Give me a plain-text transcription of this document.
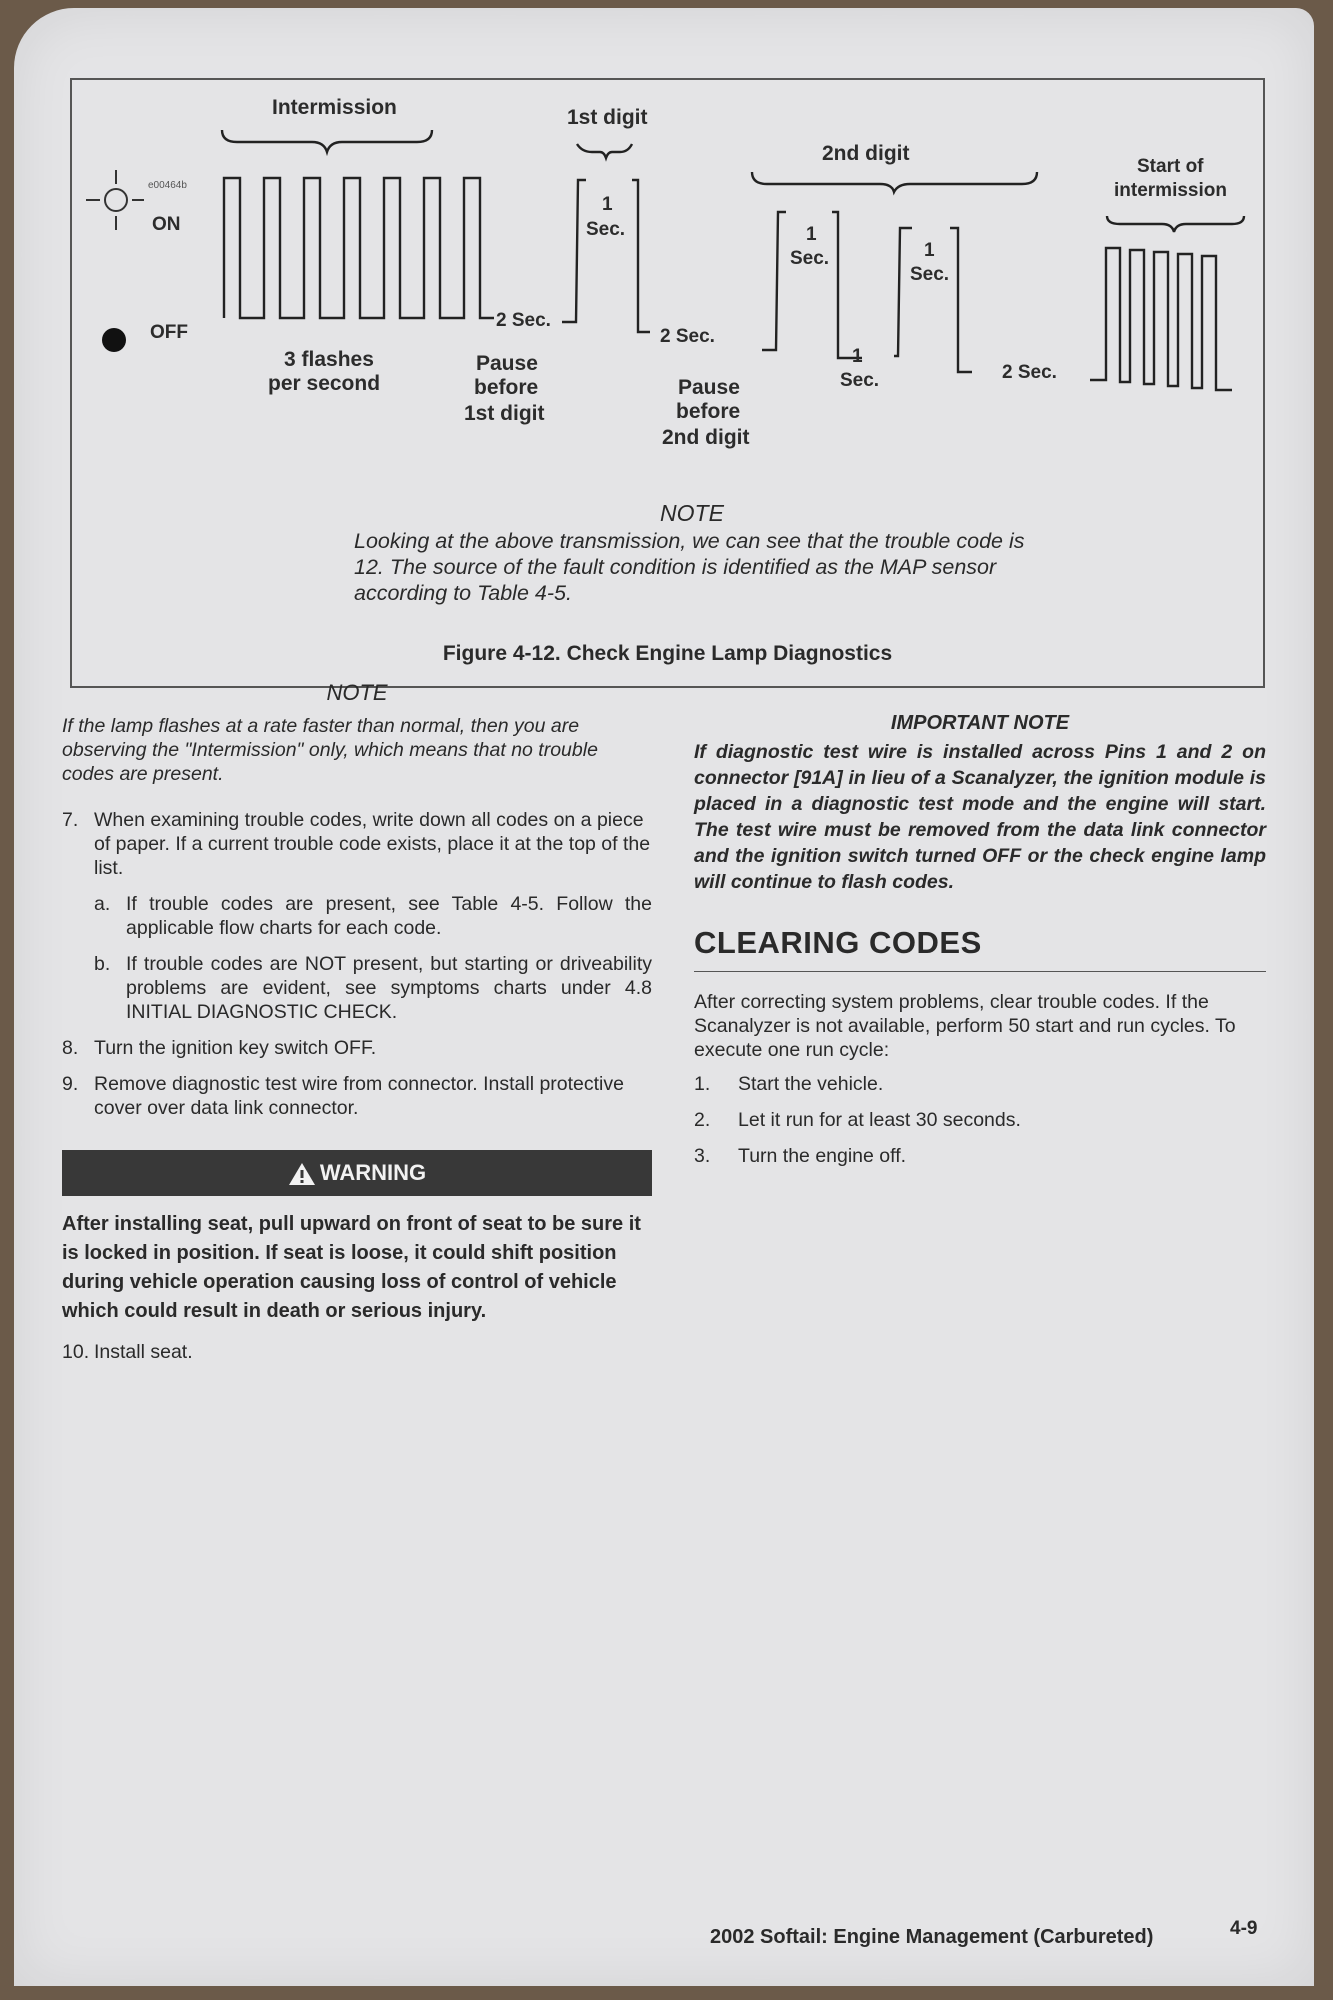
e00464b
ON
OFF
Intermission	1st digit
2nd digit
Start of
intermission
2 Sec.
1
Sec.
2 Sec.
1
Sec.
1
Sec.
1
Sec.
2 Sec.
3 flashes
per second
Pause
before
1st digit
Pause
before
2nd digit
NOTE
Looking at the above transmission, we can see that the trouble code is 12. The source of the fault condition is identified as the MAP sensor according to Table 4-5.
Figure 4-12. Check Engine Lamp Diagnostics
NOTE
If the lamp flashes at a rate faster than normal, then you are observing the "Intermission" only, which means that no trouble codes are present.
7. When examining trouble codes, write down all codes on a piece of paper. If a current trouble code exists, place it at the top of the list.
a. If trouble codes are present, see Table 4-5. Follow the applicable flow charts for each code.
b. If trouble codes are NOT present, but starting or driveability problems are evident, see symptoms charts under 4.8 INITIAL DIAGNOSTIC CHECK.
8. Turn the ignition key switch OFF.
9. Remove diagnostic test wire from connector. Install protective cover over data link connector.
WARNING
After installing seat, pull upward on front of seat to be sure it is locked in position. If seat is loose, it could shift position during vehicle operation causing loss of control of vehicle which could result in death or serious injury.
10. Install seat.
IMPORTANT NOTE
If diagnostic test wire is installed across Pins 1 and 2 on connector [91A] in lieu of a Scanalyzer, the ignition module is placed in a diagnostic test mode and the engine will start. The test wire must be removed from the data link connector and the ignition switch turned OFF or the check engine lamp will continue to flash codes.
CLEARING CODES
After correcting system problems, clear trouble codes. If the Scanalyzer is not available, perform 50 start and run cycles. To execute one run cycle:
1.	Start the vehicle.
2.	Let it run for at least 30 seconds.
3.	Turn the engine off.
2002 Softail: Engine Management (Carbureted)	4-9
